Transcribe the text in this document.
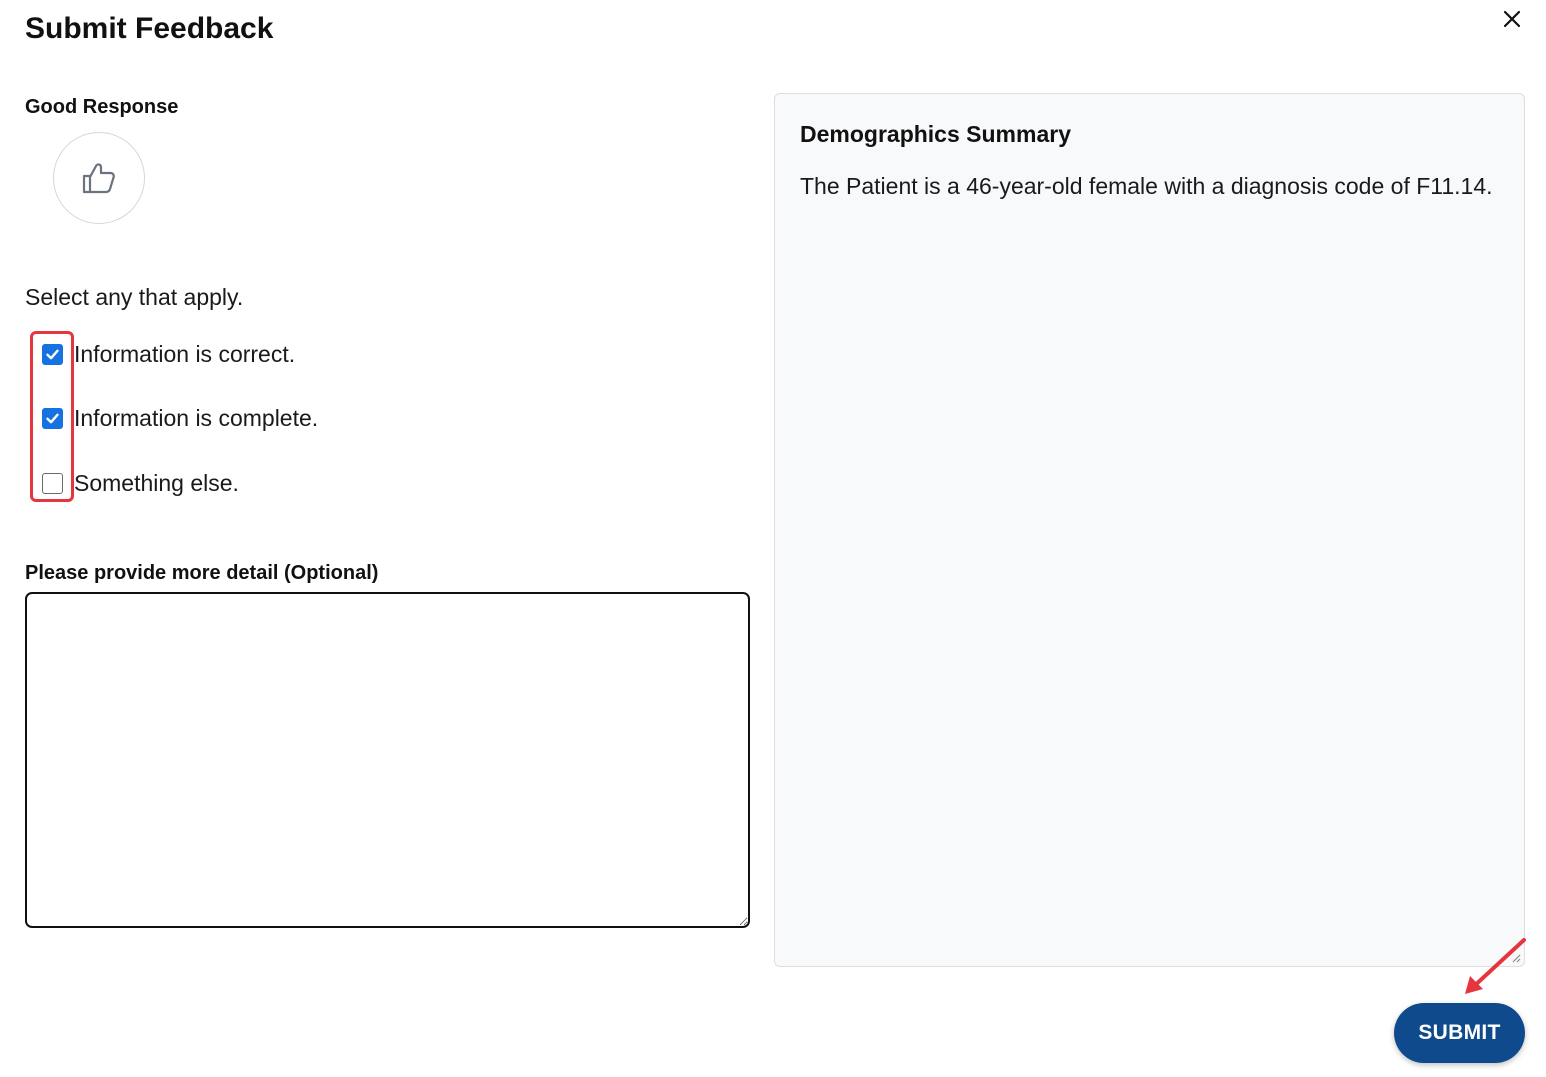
Submit Feedback
Good Response
Select any that apply.
Information is correct.
Information is complete.
Something else.
Please provide more detail (Optional)
Demographics Summary
The Patient is a 46-year-old female with a diagnosis code of F11.14.
SUBMIT
